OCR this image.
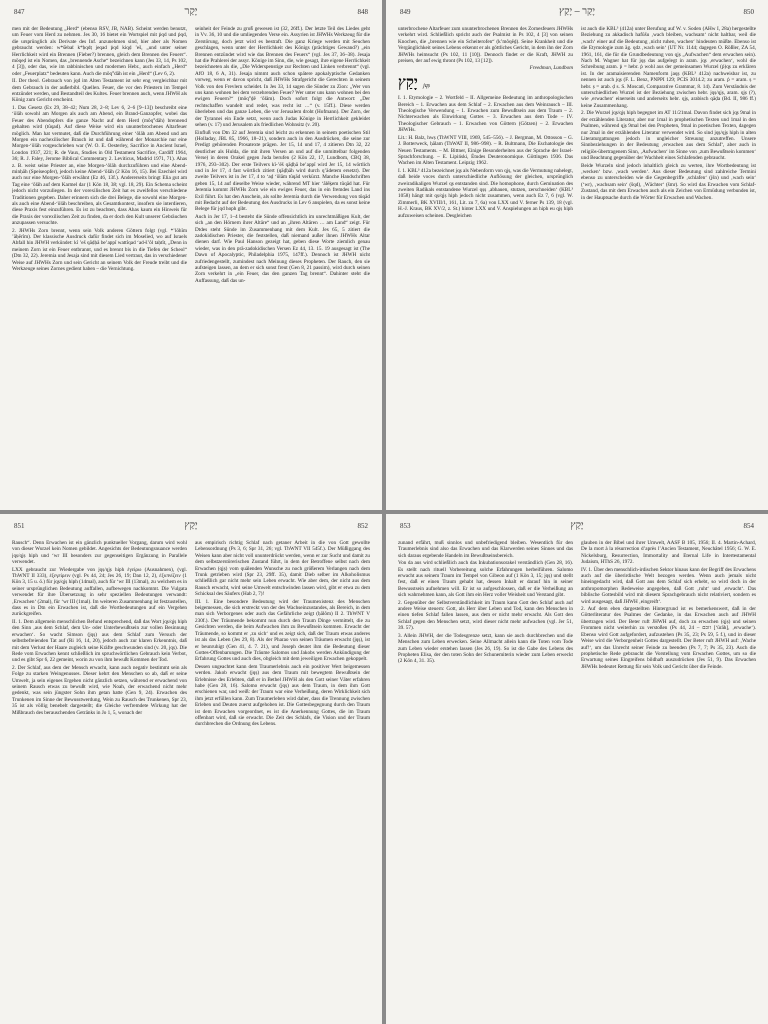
847	יָקַר	848

men mit der Bedeutung „Herd“ (ebenso RSV, JB, NAB). Scheint werden benutzt, um Feuer vom Herd zu nehmen. Jes 30, 16 bietet ein Wortspiel mit ṗqd und ṗqd, die ursprünglich als Derivate des Inf. anzunehmen sind, hier aber als Nomen gebraucht werden: w*ṡ̄ebaṫ k*ḥqdṭ jeqad ṗqd kiqḍ ʼeš, „und unter seiner Herrlichkeit wird ein Brennen (Fieber?) brennen, gleich dem Brennen des Feuers“. mōqeḍ ist ein Nomen, das „brennende Asche“ bezeichnen kann (Jes 33, 14, Ps 102, 4 [3]), oder das, wie im rabbinischen und modernen Hebr., auch einfach „Herd“ oder „Feuerplatz“ bedeuten kann. Auch die mōq°dāh ist ein „Herd“ (Lev 6, 2).

II. Der theol. Gebrauch von jqd im Alten Testament ist sehr eng vergleichbar mit dem Gebrauch in der außerbibl. Quellen. Feuer, die vor den Priestern im Tempel entzündet werden, und Bestandteil des Kultes. Feuer brennen auch, wenn JHWH als König zum Gericht erscheint.

1. Das Gesetz (Ex 29, 38–42; Num 28, 2–8; Lev 6, 2–6 [9–13]) beschreibt eine ʻōlāh sowohl am Morgen als auch am Abend, ein Brand-Ganzopfer, wobei das Feuer des Abendopfers die ganze Nacht auf dem Herd (môq°dāh) brennend gehalten wird (tûqad). Auf diese Weise wird ein ununterbrochenes Altarfeuer möglich. Man hat vermutet, daß die Durchführung einer ʻôlāh am Abend und am Morgen ein nachexilischer Brauch ist und daß während der Monarchie nur eine Morgen-ʻôlāh vorgeschrieben war (W. O. E. Oesterley, Sacrifice in Ancient Israel, London 1937, 221; R. de Vaux, Studies in Old Testament Sacrifice, Cardiff 1964, 36; R. J. Faley, Jerome Biblical Commentary 2. Leviticus, Madrid 1971, 71). Ahas z. B. weist seine Priester an, eine Morgen-ʻôlāh durchzuführen und eine Abend-minḥāh (Speiseopfer), jedoch keine Abend-ʻôlāh (2 Kön 16, 15). Bei Ezechiel wird auch nur eine Morgen-ʻôlāh erwähnt (Ez 46, 13f.). Andererseits bringt Elia gut am Tag eine ʻôlāh auf dem Karmel dar (1 Kön 18, 38; vgl. 18, 29). Ein Schema scheint jedoch nicht vorzuliegen. In der vorexilischen Zeit hat es zweifellos verschiedene Traditionen gegeben. Daher erinnern sich die drei Belege, die sowohl eine Morgen- als auch eine Abend-ʻôlāh beschreiben, als Gesamtkontext, insofern sie interdieren, diese Praxis fest einzuführen. Es ist zu beachten, dass Ahas kaum ein Hinweis für die Praxis der vorexilischen Zeit zu finden, da er doch den Kult unserer Gebräuchen anzupassen versuchte.

2. JHWHs Zorn brennt, wenn sein Volk anderen Göttern folgt (vgl. *ʼlōhîm ʼăḥērîm). Der klassische Ausdruck dafür findet sich im Moselied, wo auf Israels Abfall hin JHWH verkündet: kî ʼeš qāḍḥā beʼappî wattîqad ʻad-šʼôl taḥtît, „Denn in meinem Zorn ist ein Feuer entbrannt, und es brennt bis in die Tiefen der Scheol“ (Dtn 32, 22). Jeremia und Jesaja sind mit diesem Lied vertraut, das in verschiedener Weise auf JHWHs Zorn und sein Gericht an seinem Volk der Freude treibt und die Werkzeuge seines Zornes gedient haben – die Vernichtung.

seinheit der Feinde zu groß gewesen ist (32, 26ff.). Der letzte Teil des Liedes geht in Vv. 36, 10 und die umliegenden Verse ein. Assyrien ist JHWHs Werkzeug für die Zerstörung, doch jetzt wird es bestraft. Die ganz Kriege werden mit Seuchen geschlagen, wenn unter der Herrlichkeit des Königs (prächtiges Gewand?) „ein Brennen entzündet wird wie das Brennen des Feuers“ (vgl. Jes 37, 36–38). Jesaja hat die Prahlerei der assyr. Könige im Sinn, die, wie gesagt, ihre eigene Herrlichkeit bezeichneten als die, „Die Widerspenstige zur Rechten und Linken verbrennt“ (vgl. AfO 18, 6 A, 31). Jesaja nimmt auch schon spätere apokalyptische Gedanken vorweg, wenn er davon spricht, daß JHWHs Strafgericht die Gerechten in seinem Volk von den Frevlern scheidet. In Jes 33, 14 sagen die Sünder zu Zion: „Wer von uns kann wohnen bei dem verzehrenden Feuer? Wer unter uns kann wohnen bei den ewigen Feuern?“ (môq°ḏê ʻôlām). Doch sofort folgt die Antwort: „Der rechtschaffen wandelt und redet, was recht ist …“ (v. 15ff.). Diese werden überleben und das ganze Leben, die vor Jerusalem droht (Hofmann). Der Zorn, der der Tyrannei ein Ende setzt, wenn auch Judas Könige in Herrlichkeit gekleidet sehen (v. 17) und Jerusalem als friedlichen Wohnsitz (v. 20).

Einfluß von Dtn 32 auf Jeremia sind leicht zu erkennen in seinem poetischen Stil (Holladay, JBL 85, 1966, 18–21), sondern auch in den Ausdrücken, die seine zur Predigt gehörenden Prosatexte prägen. Jer 15, 14 und 17, 4 zitieren Dtn 32, 22 deutlicher als Hulda, die mit ihren Versen an und auf die unmittelbar folgenden Verse) in deren Orakel gegen Juda berufen (2 Kön 22, 17, Lundbom, CBQ 38, 1976, 293–302). Der erste Teilvers kî-ʼēš qāḏḥā beʼappî wird Jer 15, 14 wörtlich und in Jer 17, 4 fast wörtlich zitiert (qāḏḥāh wird durch qʼādetem ersetzt). Der zweite Teilvers ist in Jer 17, 4 to ʻaḏ ʻôlām tûqād verkürzt. Manche Handschriften geben 15, 14 auf dieselbe Weise wieder, während MT hier ʻălêḵem tûqād hat. Für Jeremia kommt JHWHs Zorn wie ein ewiges Feuer, das in ein fremdes Land ins Exil führt. Es hat den Anschein, als sollte Jeremia durch die Verwendung von tûqād mit Bedacht auf der Bedeutung des Ausdrucks in Lev 6 anspielen, da es sonst keine Belege für jqd hoph gibt.

Auch in Jer 17, 1–4 besteht die Sünde offensichtlich im unrechtmäßigen Kult, der sich „an den Hörnern ihrer Altäre“ und an „ihren Altären … am Land“ zeigt. Für Dtdes steht Sünde im Zusammenhang mit dem Kult. Jes 65, 5 zitiert die zadokidischen Priester, die feststellen, daß niemand außer ihnen JHWHs Altar dienen darf. Wie Paul Hanson gezeigt hat, geben diese Worte ziemlich genau wieder, was in den prä-zadokidischen Versen Ez 44, 13. 15. 19 ausgesagt ist (The Dawn of Apocalyptic, Philadelphia 1975, 147ff.). Dennoch ist JHWH nicht zufriedengestellt, zumindest nach Meinung dieses Propheten. Der Rauch, den sie aufsteigen lassen, an dem er sich sonst freut (Gen 8, 21 passim), wird durch seinen Zorn verkehrt in „ein Feuer, das den ganzen Tag brennt“. Dahinter steht die Auffassung, daß das un-

849	יָקַר – יָקַץ	850

unterbrochene Altarfeuer zum ununterbrochenen Brennen des Zornesfeuers JHWHs verkehrt wird. Schließlich spricht auch der Psalmist in Ps 102, 4 [3] von seinen Knochen, die „brennen wie ein Scheiterofen“ (kʼmôqēḏ). Seine Krankheit und die Vergänglichkeit seines Lebens erkennt er als göttliches Gericht, in dem ihn der Zorn JHWHs heimsucht (Ps 102, 11 [10]). Dennoch findet er die Kraft, JHWH zu preisen, der auf ewig thront (Ps 102, 13 [12]).

Freedman, Lundbom

יָקַץ jqṣ

I. 1. Etymologie – 2. Wortfeld – II. Allgemeine Bedeutung im anthropologischen Bereich – 1. Erwachen aus dem Schlaf – 2. Erwachen aus dem Weinrausch – III. Theologische Verwendung – 1. Erwachen zum Bewußtsein aus dem Traum – 2. Nichterwachen als Einwirkung Gottes – 3. Erwachen aus dem Tode – IV. Theologischer Gebrauch – 1. Erwachen von Göttern (Götzen) – 2. Erwachen JHWHs.

Lit.: H. Balz, hwṣ (ThWNT VIII, 1969, 545–556). – J. Bergman, M. Ottosson – G. J. Botterweck, ḥālam (ThWAT II, 986–998). – R. Bultmann, Die Eschatologie des Neuen Testaments. – M. Bittner, Einige Besonderheiten aus der Sprache der Israel-Sprachforschung. – E. Lipiński, Études Deuteronomique. Göttingen 1936. Das Wachen im Alten Testament. Leipzig 1962.

I. 1. KBL³ 412a bezeichnet jqṣ als Nebenform von qjṣ, was die Vermutung nahelegt, daß beide voces durch unterschiedliche Auflösung der gleichen, ursprünglich zweiradikaligen Wurzel qṣ entstanden sind. Die homophone, durch Gemination des zweiten Radikals entstandene Wurzel qṣṣ ‚abhauen, stutzen, zerschneiden‘ (KBL³ 1058) hängt mit qṣ/qjṣ hiph jedoch nicht zusammen, wenn auch Ez 7, 6 (vgl. W. Zimmerli, BK XVIII/1, 161, Lit. zu 7, 6a) von LXX und V. ferner Ps 139, 18 (vgl. H.-J. Kraus, BK XV/2, z. St.) hinter LXX und V. Anspielungen an hiph eu qjṣ hiph aufzuweisen scheinen. Desgleichen

ist auch die KBL³ (412a) unter Berufung auf W. v. Soden (AHw I, 28a) hergestellte Beziehung zu akkadisch hafûšu ‚wach bleiben, wachsam‘ nicht haltbar, weil die ‚wach‘ einer auf die Bedeutung ‚nicht ruhen, wachen‘ hindeuten müßte. Ebenso ist die Etymologie zum äg. qdz ‚wach sein‘ (UT Nr. 1144; dagegen O. Rößler, ZA 54, 1961, 161, die für die Grundbedeutung von qjṣ „Aufwachen“ dem erwachen sein). Nach M. Wagner hat für jqṣ das aufgelegt in aram. jqṣ ‚erwachen‘, wohl die Schreibung aram. ṗ = hebr. ṗ wohl aus der gemeinsamen Wurzel (ṗ)qṣ zu erklären ist. In der aramaisierenden Namenform jaqṣ (KBL³ 412a) nachweisbar ist, zu nennen ist auch jqṣ (F. L. Benz, PNPPI 129; PCIS 3014.2; zu aram. ṗ = aram. ṣ = hebr. ṣ = arab. ḍ s. S. Moscati, Comparative Grammar, 8. 14). Zum Verständnis der unterschiedlichen Wurzel ist der Beziehung zwischen hebr. jqṣ/qjṣ, aram. qjṣ (?), wie ‚erwachen‘ einerseits und anderseits hebr. qjṣ, arabisch qāḍa (Bd. II, 986 ff.) keine Zusammenhang.

2. Die Wurzel jqṣ/qjṣ hiph begegnet im AT 11/21mal. Davon findet sich jqṣ 9mal in der erzählenden Literatur, aber nur 1mal in prophetischen Texten und 1mal in den Psalmen, während qjṣ 9mal bei den Propheten, 9mal in poetischen Texten, dagegen nur 2mal in der erzählenden Literatur verwendet wird. So sind jqṣ/qjṣ hiph in alten Literaturgattungen jedoch in ungleicher Streuung anzutreffen. Unsere Sinnbeziehungen in der Bedeutung ‚erwachen aus dem Schlaf‘, aber auch in religiös-übertragenem Sinn, ‚Aufwachen‘ im Sinne von ‚zum Bewußtsein kommen‘ und Beachtung gegenüber der Wachheit eines Schlafenden gebraucht.

Beide Wurzeln sind jedoch inhaltlich gleich zu werten, ihre Wortbedeutung ist ‚wecken‘ bzw. ‚wach werden‘. Aus dieser Bedeutung sind zahlreiche Termini ebenso zu unterscheiden wie die Gegenbegriffe ‚schlafen‘ (jšn) und ‚wach sein‘ (ʻwr), ‚wachsam sein‘ (šqd), ‚Wächter‘ (šmr). So wird das Erwachen vom Schlaf-Zustand, das mit dem Erwachen auch als ein Zeichen von Ermüdung verbunden ist, in der Hauptsache durch die Wörter für Erwachen und Wachen.

851	יָקַץ	852

Rausch“. Denn Erwachen ist ein gänzlich punktueller Vorgang, darum wird wohl von dieser Wurzel kein Nomen gebildet. Angesichts der Bedeutungsnuance werden jqṣ/qjṣ hiph und ʻwr III besonders zur gegenseitigen Ergänzung in Parallele verwendet.

LXX gebraucht zur Wiedergabe von jqṣ/qjṣ hiph ἐγείρω (Ausnahmen), (vgl. ThWNT II 333), ἐξεγείρειν (vgl. Ps 44, 24; Jes 26, 19; Dan 12, 2), ἐξυπνίζειν (1 Kön 3, 15 u. ö.) für jqṣ/qjṣ hiph (14mal), auch für ʻwr III (13mal), zu welchem es in seiner ursprünglichen Bedeutung auffallen, aufbewegen nachkommt. Die Vulgata verwendet für ihre Übersetzung in sehr speziellen Bedeutungen verwandt: ‚Erwachen‘ (2mal), für ʻwr III (1mal). Im weiteren Zusammenhang ist festzustellen, dass es in Dtn ein Erwachen ist, daß die Wortbedeutungen auf ein Vergehen zurückgreifen.

II. 1. Dem allgemein menschlichen Befund entsprechend, daß das Wort jqṣ/qjṣ hiph den Sinn ‚aus dem Schlaf, dem Un- oder Unterbewußtsein zur vollen Besinnung erwachen‘. So wacht Simson (jqṣ) aus dem Schlaf zum Versuch der selbstbefreienden Tat auf (Ri 16, 14, 20), jedoch auch zur klaren Erkenntnis, daß mit dem Verlust der Haare zugleich seine Kräfte geschwunden sind (v. 20, jqṣ). Die Rede vom Erwachen kennt schließlich im spruchwörtlichen Gebrauch kein Verbot, und es gibt Spr 6, 22 gemeint, worin zu von ihm bewußt Kommen der Tod.

2. Der Schlaf, aus dem der Mensch erwacht, kann auch negativ bestimmt sein als Folge zu starken Weingenusses. Dieser kehrt den Menschen so ab, daß er seine Umwelt, ja sein eigenes Ergehen nicht gänzlich setzen, während er erwachend von seinem Rausch etwas zu bewußt wird, wie Noah, der erwachend nicht mehr gedenkt, was sein jüngster Sohn ihm getan hatte (Gen 9, 24). Erwachen des Trunkenen im Sinne der Bewusstwerdung, Wein zu Rausch des Trunkenen, Spr 23, 35 ist als völlig benebelt dargestellt; die Gleiche verfremdete Wirkung hat der Mißbrauch des berauschenden Getränks in Jo 1, 5, wonach der

aus empirisch richtig Schlaf nach getaner Arbeit in die von Gott gewollte Lebensordnung (Ps 3, 6; Spr 31, 26; vgl. ThWNT VII 545f.). Der Müßiggang des Weisen kann aber nicht voll ununterdrückt werden, wenn er zur Sucht und damit zu dem selbstzerstörerischen Zustand führt, in dem der Betroffene selbst nach dem Erwachen (qjṣ) vom quälenden Wunsche zu noch größerem Verlangen nach dem Trunk getrieben wird (Spr 23, 29ff. 35), damit Dieb selber im Alkoholismus schließlich gar nicht mehr sein Leben erwacht. Wie aber dem, der nicht aus dem Rausch erwacht, wird seine Umwelt entschwinden lassen wird, gibt er etwa zu dem Schicksal des Säufers (Hab 2, 7)!

III. 1. Eine besondere Bedeutung wird der Traumexistenz des Menschen beigemessen, die sich erstreckt von der des Wachseinzustandes, als Bereich, in dem man sich Verborgenes oder auch das Gefährliche zeigt (ḥālôm) II 2. ThWNT V 230f.). Der Träumende bekommt nun durch den Traum Dinge vermittelt, die zu Gesichten werden, die beim Aufwachen ihm zu Bewußtsein kommen. Erwacht der Träumende, so kommt er ‚zu sich‘ und es zeigt sich, daß der Traum etwas anderes ist als das Leben (Jes 29, 8). Als der Pharao von seinen Träumen erwacht (jqṣ), ist er beunruhigt (Gen 41, 4. 7. 21), und Joseph deutet ihm die Bedeutung dieser Gottes-Offenbarungen. Die Träume Salomos und Jakobs werden Ankündigung der Erfahrung Gottes und auch dies, obgleich mit dem jeweiligen Erwachen gekoppelt.

Dessen ungeachtet kann dem Traumerlebnis auch ein positiver Wert beigemessen werden. Jakob erwacht (jqṣ) aus dem Traum mit bewegtem Bewußtsein der Erlebnisse des Erlebten, daß er in Bethel JHWH als den Gott seiner Väter erfahren habe (Gen 28, 16). Salomo erwacht (jqṣ) aus dem Traum, in dem ihm Gott erschienen war, und weiß: der Traum war eine Verheißung, deren Wirklichkeit sich ihm jetzt erfüllen kann. Zum Traumerleben wird daher, dass die Trennung zwischen Erleben und Deuten zuerst aufgehoben ist. Die Gottesbegegnung durch den Traum ist dem Erwachen vorgeordnet, es ist die Anerkennung Gottes, die im Traum offenbart wird, daß sie erwacht. Die Zeit des Schlafs, die Vision und der Traum durchbrechen die Ordnung des Lebens.

853	יָקַץ	854

zunand erfährt, muß sinnlos und unbefriedigend bleiben. Wesentlich für den Traumerlebnis sind also das Erwachen und das Klarwerden seines Sinnes und das sich daraus ergebende Handeln im Bewußtseinsbereich.

Von da aus wird schließlich auch das Inkubationsorakel verständlich (Gen 28, 16). Es stellt nach rituell Vorbereitung solche Erfahrungen herbeiführen. Salomo erwacht aus seinem Traum im Tempel von Gibeon auf (1 Kön 3, 15; jqṣ) und stellt fest, daß er einen Traum gehabt hat, dessen Inhalt er darauf hin in seiner Bewusstsein aufnehmen will. Er ist so aufgeschlossen, daß er die Verheißung an sich wahrnehmen kann, als Gott ihm ein Herz voller Weisheit und Verstand gibt.

2. Gegenüber der Selbstverständlichkeit im Traum kann Gott den Schlaf auch auf andere Weise steuern: Gott, als Herr über Leben und Tod, kann den Menschen in einen tiefen Schlaf fallen lassen, aus dem er nicht mehr erwacht. Als Gott den Schlaf gegen den Menschen setzt, wird dieser nicht mehr aufwachen (vgl. Jer 51, 39. 57).

3. Allein JHWH, der die Todesgrenze setzt, kann sie auch durchbrechen und die Menschen zum Leben erwecken. Seine Allmacht allein kann die Toten vom Tode zum Leben wieder erstehen lassen (Jes 26, 19). So ist die Gabe des Lebens des Propheten Elisa, der den toten Sohn der Schunemiterin wieder zum Leben erweckt (2 Kön 4, 31. 35).

glauben in der Bibel und ihrer Umwelt, AASF B 105, 1956; II. 4. Martin-Achard, De la mort à la résurrection d’après l’Ancien Testament, Neuchâtel 1956; G. W. E. Nickelsburg, Resurrection, Immortality and Eternal Life in Intertestamental Judaism, HThS 26, 1972.

IV. 1. Über den menschlich-irdischen Sektor hinaus kann der Begriff des Erwachens auch auf die überirdische Welt bezogen werden. Wenn auch jemals nicht hineingedacht wird, daß Gott aus dem Schlaf sich erhebt, so wird doch in der anthropomorphen Redeweise angegeben, daß Gott ‚ruht‘ und ‚erwacht‘. Das biblische Gottesbild wird mit diesem Sprachgebrauch nicht relativiert, sondern es wird ausgesagt, daß JHWH ‚eingreift‘.

2. Auf dem eben dargestellten Hintergrund ist es bemerkenswert, daß in der Götterliteratur des Psalmes der Gedanke, in das Erwachen auch auf JHWH übertragen wird. Der Beter ruft JHWH auf, doch zu erwachen (qjṣ) und seinen Frommen nicht weiterhin zu verstoßen (Ps 44, 24 – זזכם [ʻūrāh], ‚erwache‘). Ebenso wird Gott aufgefordert, aufzustehen (Ps 35, 23; Ps 59, 5 f.), und in dieser Weise wird die Verborgenheit Gottes dargestellt. Der Beter ruft JHWH auf: ‚Wache auf!‘, um das Unrecht seiner Feinde zu beenden (Ps 7, 7; Ps 35, 23). Auch die prophetische Rede gebraucht die Vorstellung vom Erwachen Gottes, um so die Erwartung seines Eingreifens bildhaft auszudrücken (Jes 51, 9). Das Erwachen JHWHs bedeutet Rettung für sein Volk und Gericht über die Feinde.
